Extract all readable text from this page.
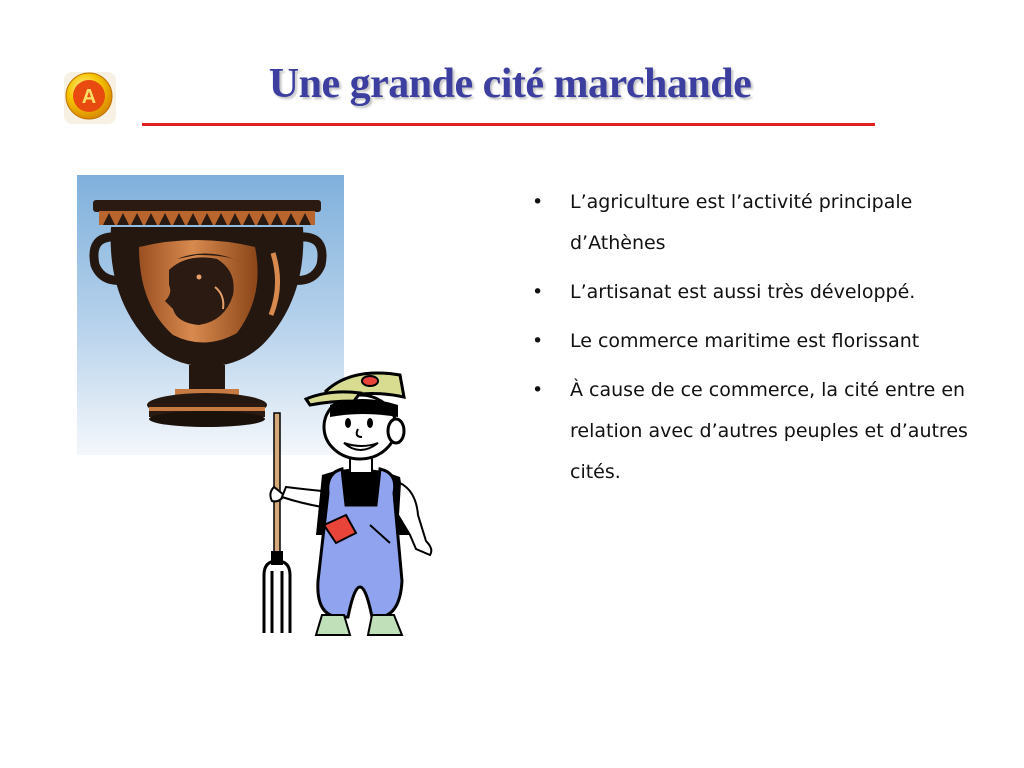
A	Une grande cité marchande
• L’agriculture est l’activité principale d’Athènes
• L’artisanat est aussi très développé.
• Le commerce maritime est florissant
• À cause de ce commerce, la cité entre en relation avec d’autres peuples et d’autres cités.
